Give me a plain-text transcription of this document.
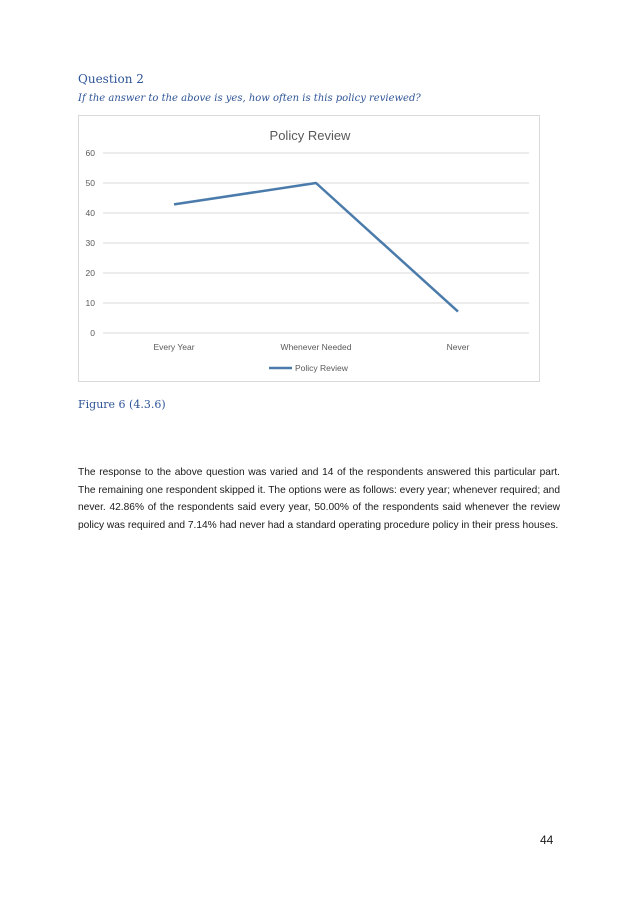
Question 2
If the answer to the above is yes, how often is this policy reviewed?
Policy Review
0
10
20
30
40
50
60
Every Year	Whenever Needed	Never
Policy Review
Figure 6 (4.3.6)

The response to the above question was varied and 14 of the respondents answered this particular part. The remaining one respondent skipped it. The options were as follows: every year; whenever required; and never. 42.86% of the respondents said every year, 50.00% of the respondents said whenever the review policy was required and 7.14% had never had a standard operating procedure policy in their press houses.

44
